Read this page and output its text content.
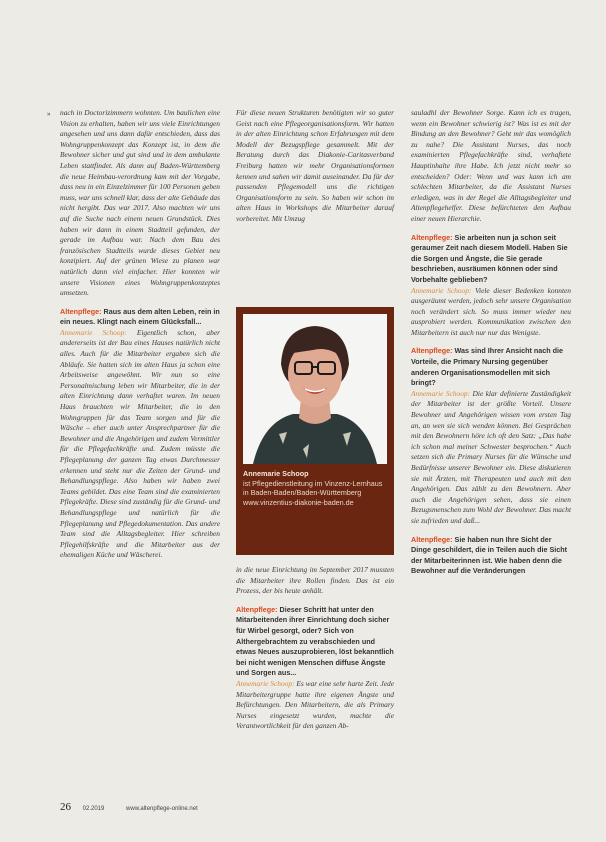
» nach in Doctorizimmern wohnten. Um baulichen eine Vision zu erhalten, haben wir uns viele Einrichtungen angesehen und uns dann dafür entschieden, dass das Wohngruppenkonzept das Konzept ist, in dem die Bewohner sicher und gut sind und in dem ambulante Leben stattfindet. Als dann auf Baden-Württemberg die neue Heimbau-verordnung kam mit der Vorgabe, dass neu in ein Einzelzimmer für 100 Personen geben muss, war uns schnell klar, dass der alte Gebäude das nicht hergibt. Das war 2017. Also machten wir uns auf die Suche nach einem neuen Grundstück. Dies haben wir dann in einem Stadtteil gefunden, der gerade im Aufbau war. Nach dem Bau des französischen Stadtteils wurde dieses Gebiet neu konzipiert. Auf der grünen Wiese zu planen war natürlich dann viel einfacher. Hier konnten wir unsere Visionen eines Wohngruppenkonzeptes umsetzen.
Altenpflege: Raus aus dem alten Leben, rein in ein neues. Klingt nach einem Glücksfall...
Annemarie Schoop: Eigentlich schon, aber andererseits ist der Bau eines Hauses natürlich nicht alles. Auch für die Mitarbeiter ergaben sich die Abläufe. Sie hatten sich im alten Haus ja schon eine Arbeitsweise angewöhnt. Wir nun so eine Personalmischung leben wir Mitarbeiter, die in der alten Einrichtung dann verhaftet waren. Im neuen Haus brauchten wir Mitarbeiter, die in den Wohngruppen für das Team sorgen und für die Wäsche – eher auch unter Ansprechpartner für die Bewohner und die Angehörigen und zudem Vermittler für die Pflegefachkräfte und. Zudem müsste die Pflegeplanung der ganzen Tag etwas Durchmesser erkennen und steht nur die Zeiten der Grund- und Behandlungspflege. Also haben wir haben zwei Teams gebildet. Das eine Team sind die examinierten Pflegekräfte. Diese sind zuständig für die Grund- und Behandlungspflege und natürlich für die Pflegeplanung und Pflegedokumentation. Das andere Team sind die Alltagsbegleiter. Hier schreiben Pflegehilfskräfte und die Mitarbeiter aus der ehemaligen Küche und Wäscherei.
Für diese neuen Strukturen benötigten wir so guter Geist nach eine Pflegeorganisationsform. Wir hatten in der alten Einrichtung schon Erfahrungen mit dem Modell der Bezugspflege gesammelt. Mit der Beratung durch das Diakonie-Caritasverband Freiburg hatten wir mehr Organisationsformen kennen und sahen wir damit auseinander. Da für der passenden Pflegemodell uns die richtigen Organisationsform zu sein. So haben wir schon im alten Haus in Workshops die Mitarbeiter darauf vorbereitet. Mit Umzug
Annemarie Schoop
ist Pflegedienstleitung im Vinzenz-Lernhaus in Baden-Baden/Baden-Württemberg
www.vinzentius-diakonie-baden.de
in die neue Einrichtung im September 2017 mussten die Mitarbeiter ihre Rollen finden. Das ist ein Prozess, der bis heute anhält.
Altenpflege: Dieser Schritt hat unter den Mitarbeitenden ihrer Einrichtung doch sicher für Wirbel gesorgt, oder? Sich von Althergebrachtem zu verabschieden und etwas Neues auszuprobieren, löst bekanntlich bei nicht wenigen Menschen diffuse Ängste und Sorgen aus...
Annemarie Schoop: Es war eine sehr harte Zeit. Jede Mitarbeitergruppe hatte ihre eigenen Ängste und Befürchtungen. Den Mitarbeitern, die als Primary Nurses eingesetzt wurden, machte die Verantwortlichkeit für den ganzen Ab-
sauladhl der Bewohner Sorge. Kann ich es tragen, wenn ein Bewohner schwierig ist? Was ist es mit der Bindung an den Bewohner? Geht mir das womöglich zu nahe? Die Assistant Nurses, das noch examinierten Pflegefachkräfte sind, verhaftete Hauptinhalte ihre Habe. Ich jetzt nicht mehr so entscheiden? Oder: Wenn und was kann ich am schlechten Mitarbeiter, da die Assistant Nurses erledigen, was in der Regel die Alltagsbegleiter und Altenpflegehelfer. Diese befürchteten den Aufbau einer neuen Hierarchie.
Altenpflege: Sie arbeiten nun ja schon seit geraumer Zeit nach diesem Modell. Haben Sie die Sorgen und Ängste, die Sie gerade beschrieben, ausräumen können oder sind Vorbehalte geblieben?
Annemarie Schoop: Viele dieser Bedenken konnten ausgeräumt werden, jedoch sehr unsere Organisation noch verändert sich. So muss immer wieder neu ausprobiert werden. Kommunikation zwischen den Mitarbeitern ist auch nur nur das Wenigste.
Altenpflege: Was sind Ihrer Ansicht nach die Vorteile, die Primary Nursing gegenüber anderen Organisationsmodellen mit sich bringt?
Annemarie Schoop: Die klar definierte Zuständigkeit der Mitarbeiter ist der größte Vorteil. Unsere Bewohner und Angehörigen wissen vom ersten Tag an, an wen sie sich wenden können. Bei Gesprächen mit den Bewohnern höre ich oft den Satz: „Das habe ich schon mal meiner Schwester besprochen.“ Auch setzen sich die Primary Nurses für die Wünsche und Bedürfnisse unserer Bewohner ein. Diese diskutieren sie mit Ärzten, mit Therapeuten und auch mit den Angehörigen. Das zählt zu den Bewohnern. Aber auch die Angehörigen sehen, dass sie einen Bezugsmenschen zum Wohl der Bewohner. Das macht sie zufrieden und daß...
Altenpflege: Sie haben nun Ihre Sicht der Dinge geschildert, die in Teilen auch die Sicht der Mitarbeiterinnen ist. Wie haben denn die Bewohner auf die Veränderungen
26 02.2019	www.altenpflege-online.net
